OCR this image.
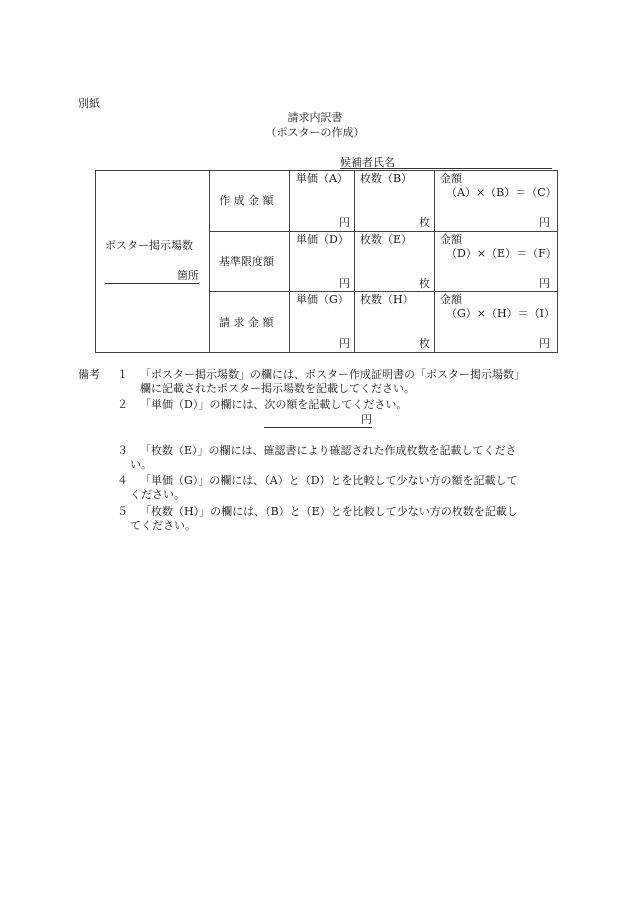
別紙
請求内訳書
（ポスターの作成）
候補者氏名
ポスター掲示場数
箇所
作 成 金 額
単価（A）
円
枚数（B）
枚
金額
（A）×（B）＝（C）
円
基準限度額
単価（D）
円
枚数（E）
枚
金額
（D）×（E）＝（F）
円
請 求 金 額
単価（G）
円
枚数（H）
枚
金額
（G）×（H）＝（I）
円
備考 １ 「ポスター掲示場数」の欄には、ポスター作成証明書の「ポスター掲示場数」
欄に記載されたポスター掲示場数を記載してください。
２ 「単価（D）」の欄には、次の額を記載してください。
円
３ 「枚数（E）」の欄には、確認書により確認された作成枚数を記載してくださ
い。
４ 「単価（G）」の欄には、（A）と（D）とを比較して少ない方の額を記載して
ください。
５ 「枚数（H）」の欄には、（B）と（E）とを比較して少ない方の枚数を記載し
てください。
